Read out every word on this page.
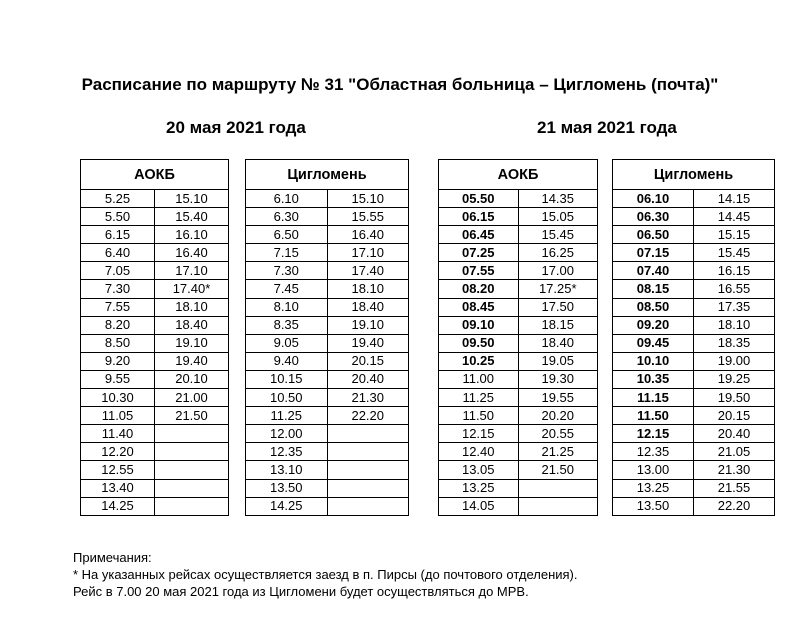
Расписание по маршруту № 31 "Областная больница – Цигломень (почта)"
20 мая 2021 года	21 мая 2021 года
АОКБ	
5.25	15.10
5.50	15.40
6.15	16.10
6.40	16.40
7.05	17.10
7.30	17.40*
7.55	18.10
8.20	18.40
8.50	19.10
9.20	19.40
9.55	20.10
10.30	21.00
11.05	21.50
11.40	
12.20	
12.55	
13.40	
14.25	
Цигломень	
6.10	15.10
6.30	15.55
6.50	16.40
7.15	17.10
7.30	17.40
7.45	18.10
8.10	18.40
8.35	19.10
9.05	19.40
9.40	20.15
10.15	20.40
10.50	21.30
11.25	22.20
12.00	
12.35	
13.10	
13.50	
14.25	
АОКБ	
05.50	14.35
06.15	15.05
06.45	15.45
07.25	16.25
07.55	17.00
08.20	17.25*
08.45	17.50
09.10	18.15
09.50	18.40
10.25	19.05
11.00	19.30
11.25	19.55
11.50	20.20
12.15	20.55
12.40	21.25
13.05	21.50
13.25	
14.05	
Цигломень	
06.10	14.15
06.30	14.45
06.50	15.15
07.15	15.45
07.40	16.15
08.15	16.55
08.50	17.35
09.20	18.10
09.45	18.35
10.10	19.00
10.35	19.25
11.15	19.50
11.50	20.15
12.15	20.40
12.35	21.05
13.00	21.30
13.25	21.55
13.50	22.20
Примечания:
* На указанных рейсах осуществляется заезд в п. Пирсы (до почтового отделения).
Рейс в 7.00 20 мая 2021 года из Цигломени будет осуществляться до МРВ.
